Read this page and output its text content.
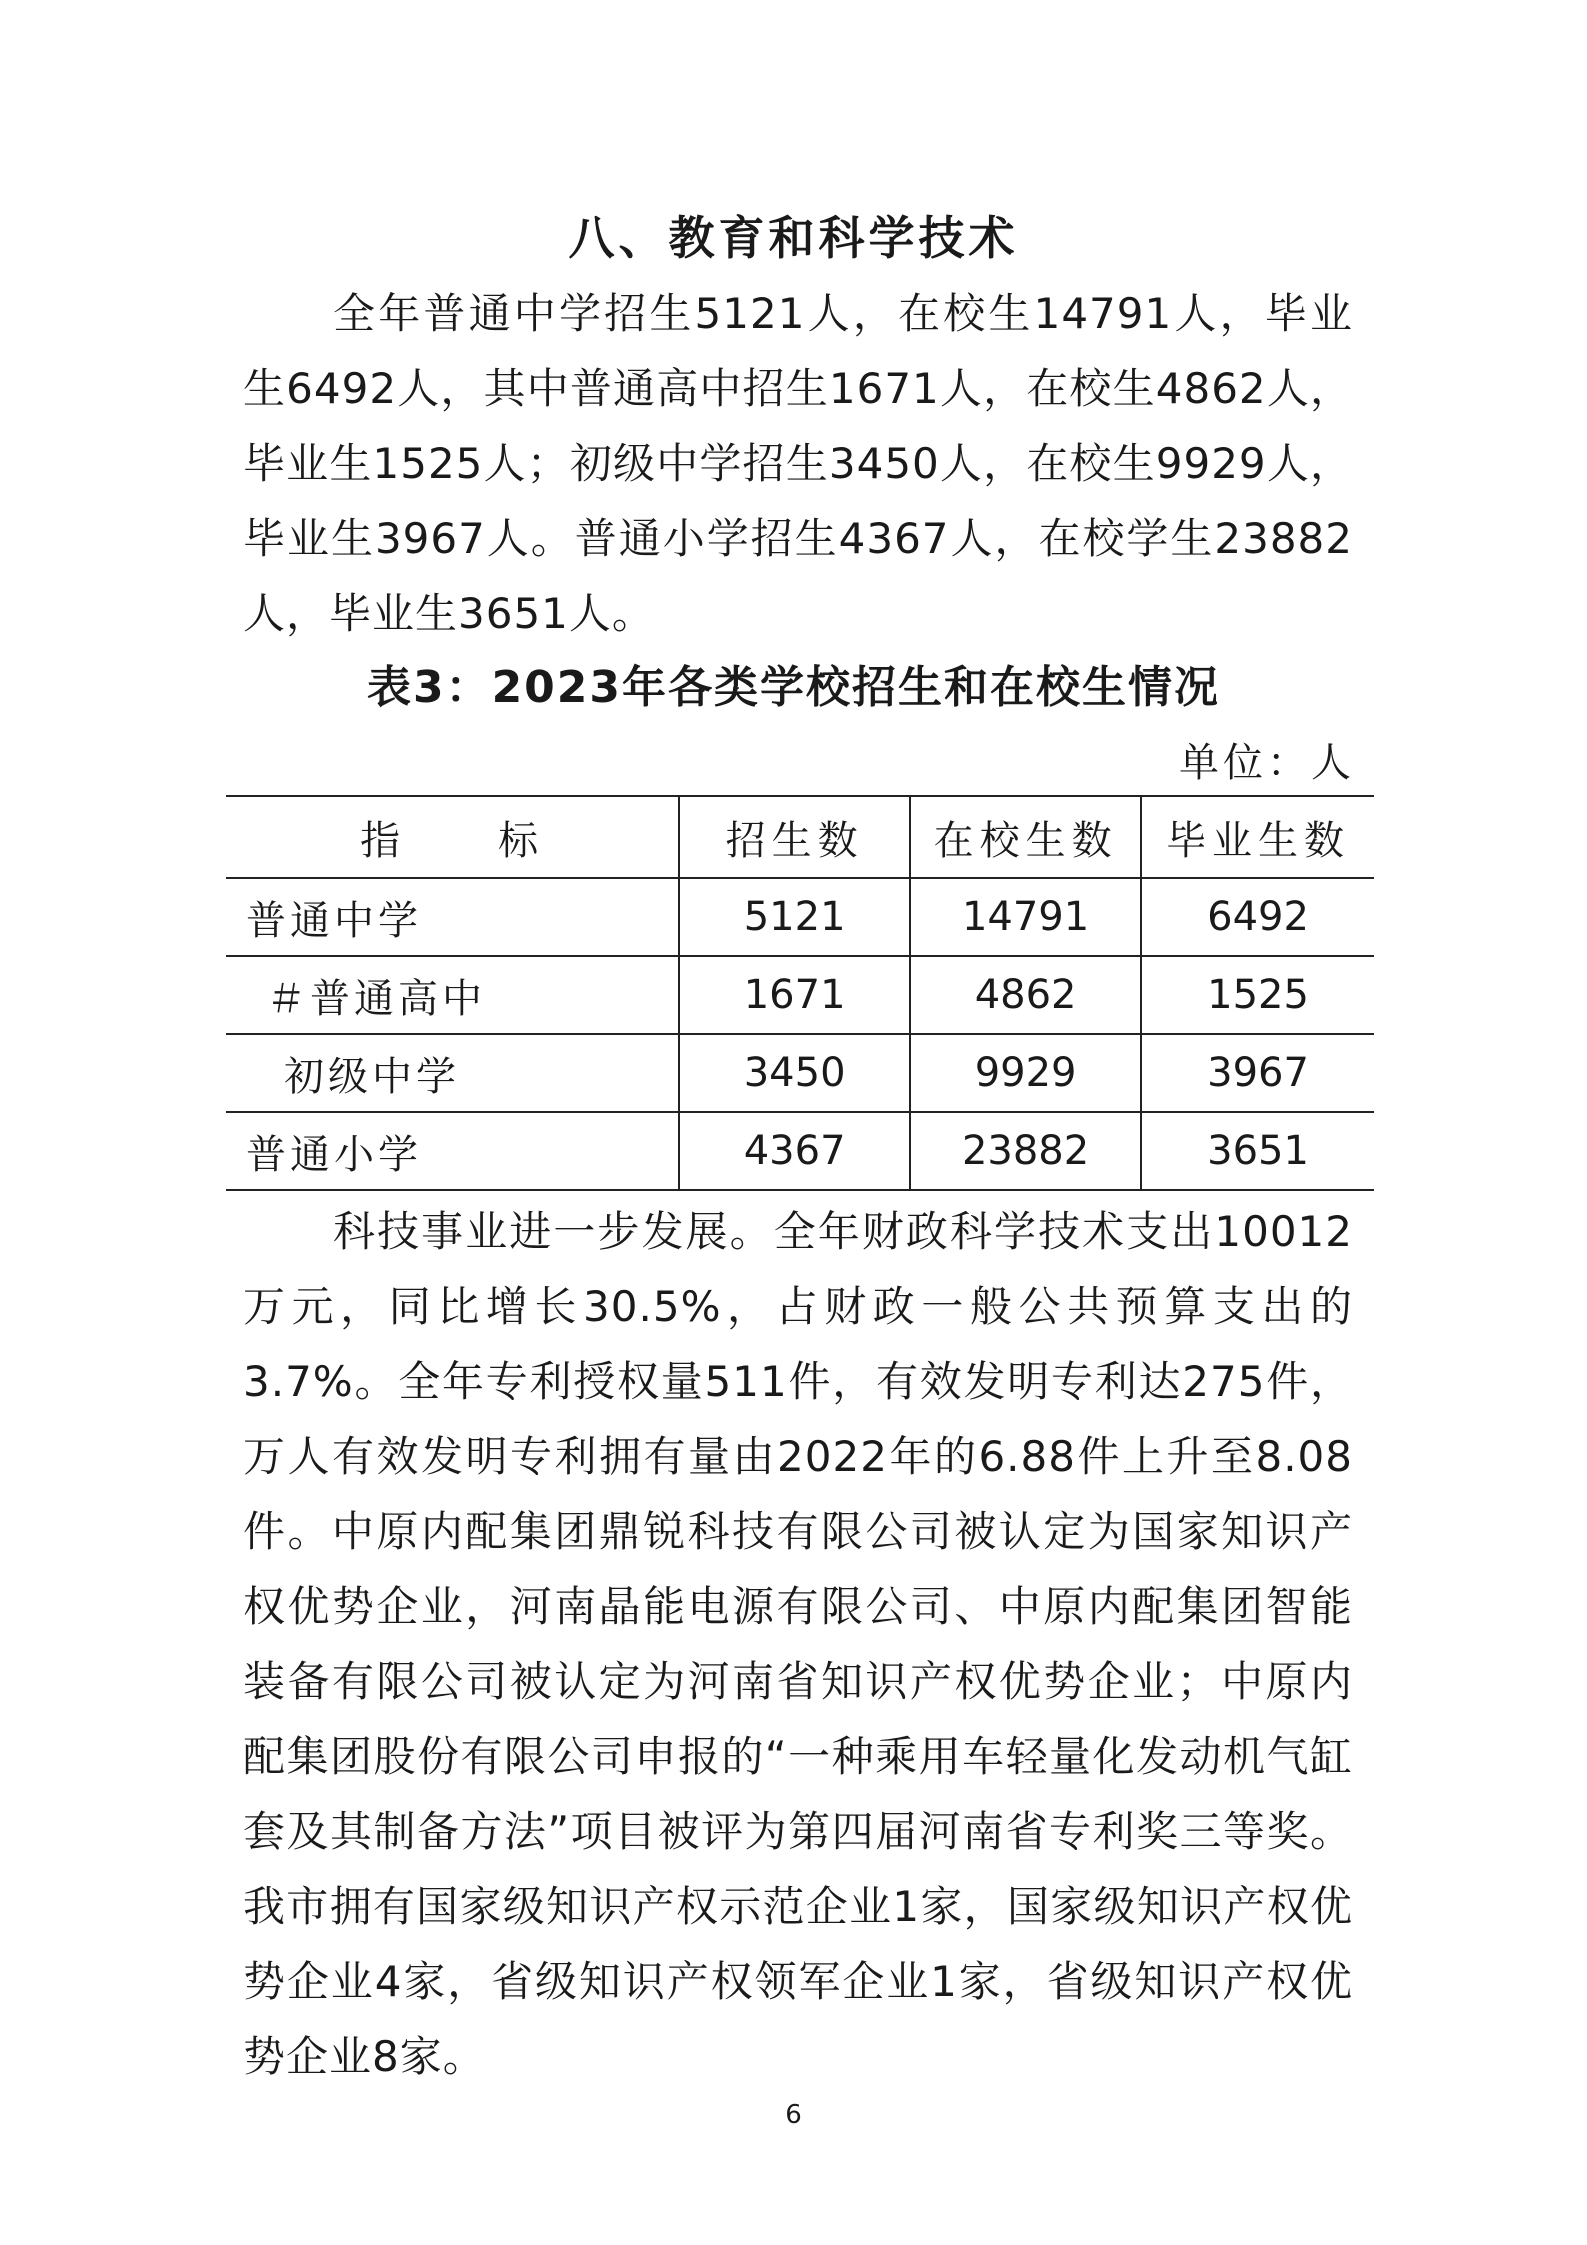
八、教育和科学技术

全年普通中学招生5121人，在校生14791人，毕业生6492人，其中普通高中招生1671人，在校生4862人，毕业生1525人；初级中学招生3450人，在校生9929人，毕业生3967人。普通小学招生4367人，在校学生23882人，毕业生3651人。

表3：2023年各类学校招生和在校生情况
单位：人
指　　标	招生数	在校生数	毕业生数
普通中学	5121	14791	6492
＃普通高中	1671	4862	1525
初级中学	3450	9929	3967
普通小学	4367	23882	3651

科技事业进一步发展。全年财政科学技术支出10012万元，同比增长30.5%，占财政一般公共预算支出的3.7%。全年专利授权量511件，有效发明专利达275件，万人有效发明专利拥有量由2022年的6.88件上升至8.08件。中原内配集团鼎锐科技有限公司被认定为国家知识产权优势企业，河南晶能电源有限公司、中原内配集团智能装备有限公司被认定为河南省知识产权优势企业；中原内配集团股份有限公司申报的“一种乘用车轻量化发动机气缸套及其制备方法”项目被评为第四届河南省专利奖三等奖。我市拥有国家级知识产权示范企业1家，国家级知识产权优势企业4家，省级知识产权领军企业1家，省级知识产权优势企业8家。

6
